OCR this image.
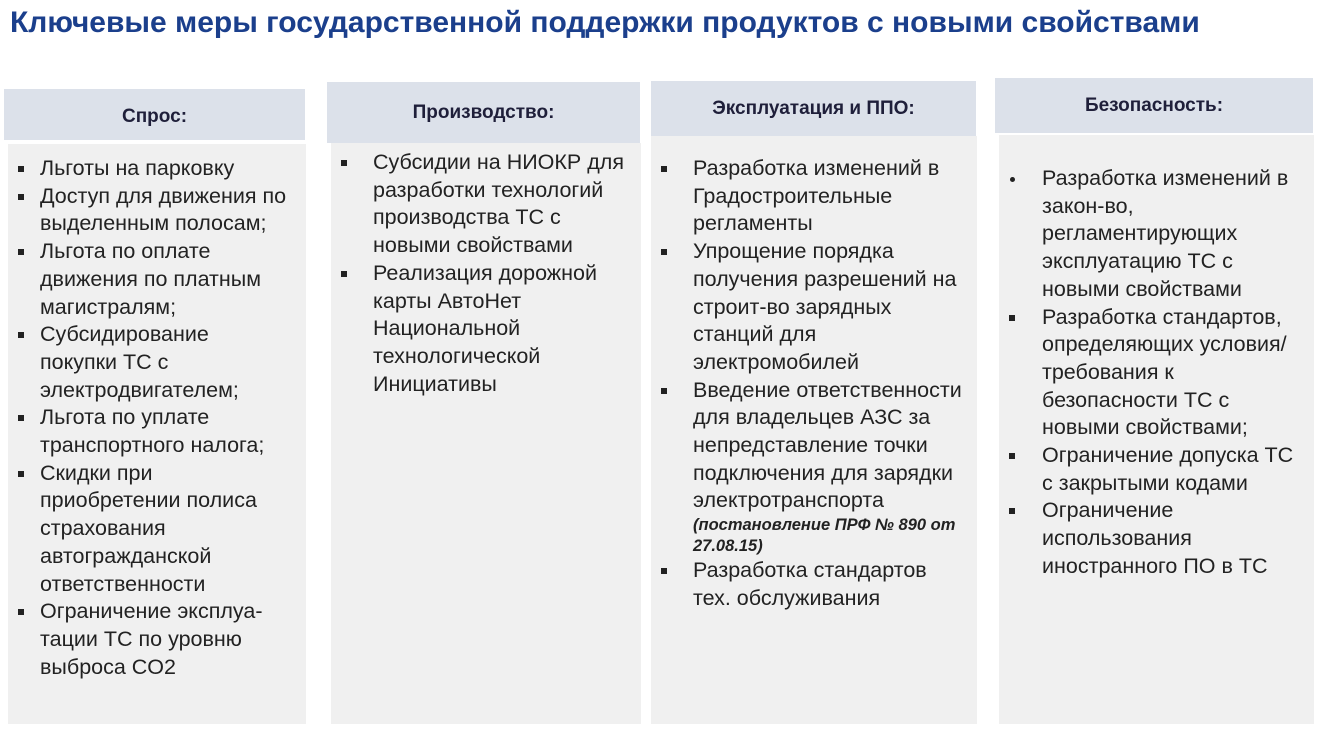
Ключевые меры государственной поддержки продуктов с новыми свойствами
Спрос:
Льготы на парковку
Доступ для движения по выделенным полосам;
Льгота по оплате движения по платным магистралям;
Субсидирование покупки ТС с электродвигателем;
Льгота по уплате транспортного налога;
Скидки при приобретении полиса страхования автогражданской ответственности
Ограничение эксплуа-тации ТС по уровню выброса CO2
Производство:
Субсидии на НИОКР для разработки технологий производства ТС с новыми свойствами
Реализация дорожной карты АвтоНет Национальной технологической Инициативы
Эксплуатация и ППО:
Разработка изменений в Градостроительные регламенты
Упрощение порядка получения разрешений на строит-во зарядных станций для электромобилей
Введение ответственности для владельцев АЗС за непредставление точки подключения для зарядки электротранспорта
(постановление ПРФ № 890 от 27.08.15)
Разработка стандартов тех. обслуживания
Безопасность:
Разработка изменений в закон-во, регламентирующих эксплуатацию ТС с новыми свойствами
Разработка стандартов, определяющих условия/требования к безопасности ТС с новыми свойствами;
Ограничение допуска ТС с закрытыми кодами
Ограничение использования иностранного ПО в ТС
